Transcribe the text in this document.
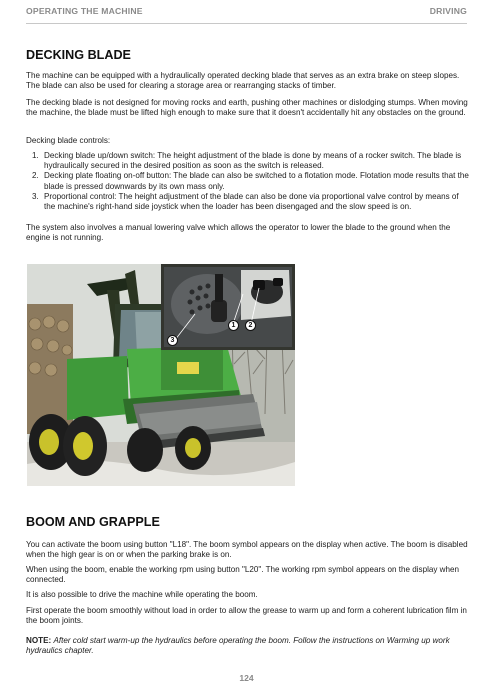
OPERATING THE MACHINE	DRIVING
DECKING BLADE

The machine can be equipped with a hydraulically operated decking blade that serves as an extra brake on steep slopes. The blade can also be used for clearing a storage area or rearranging stacks of timber.

The decking blade is not designed for moving rocks and earth, pushing other machines or dislodging stumps. When moving the machine, the blade must be lifted high enough to make sure that it doesn't accidentally hit any obstacles on the ground.

Decking blade controls:

1. Decking blade up/down switch: The height adjustment of the blade is done by means of a rocker switch. The blade is hydraulically secured in the desired position as soon as the switch is released.
2. Decking plate floating on-off button: The blade can also be switched to a flotation mode. Flotation mode results that the blade is pressed downwards by its own mass only.
3. Proportional control: The height adjustment of the blade can also be done via proportional valve control by means of the machine's right-hand side joystick when the loader has been disengaged and the slow speed is on.

The system also involves a manual lowering valve which allows the operator to lower the blade to the ground when the engine is not running.

1	2
3
BOOM AND GRAPPLE

You can activate the boom using button "L18". The boom symbol appears on the display when active. The boom is disabled when the high gear is on or when the parking brake is on.

When using the boom, enable the working rpm using button "L20". The working rpm symbol appears on the display when connected.

It is also possible to drive the machine while operating the boom.

First operate the boom smoothly without load in order to allow the grease to warm up and form a coherent lubrication film in the boom joints.

NOTE: After cold start warm-up the hydraulics before operating the boom. Follow the instructions on Warming up work hydraulics chapter.

124
